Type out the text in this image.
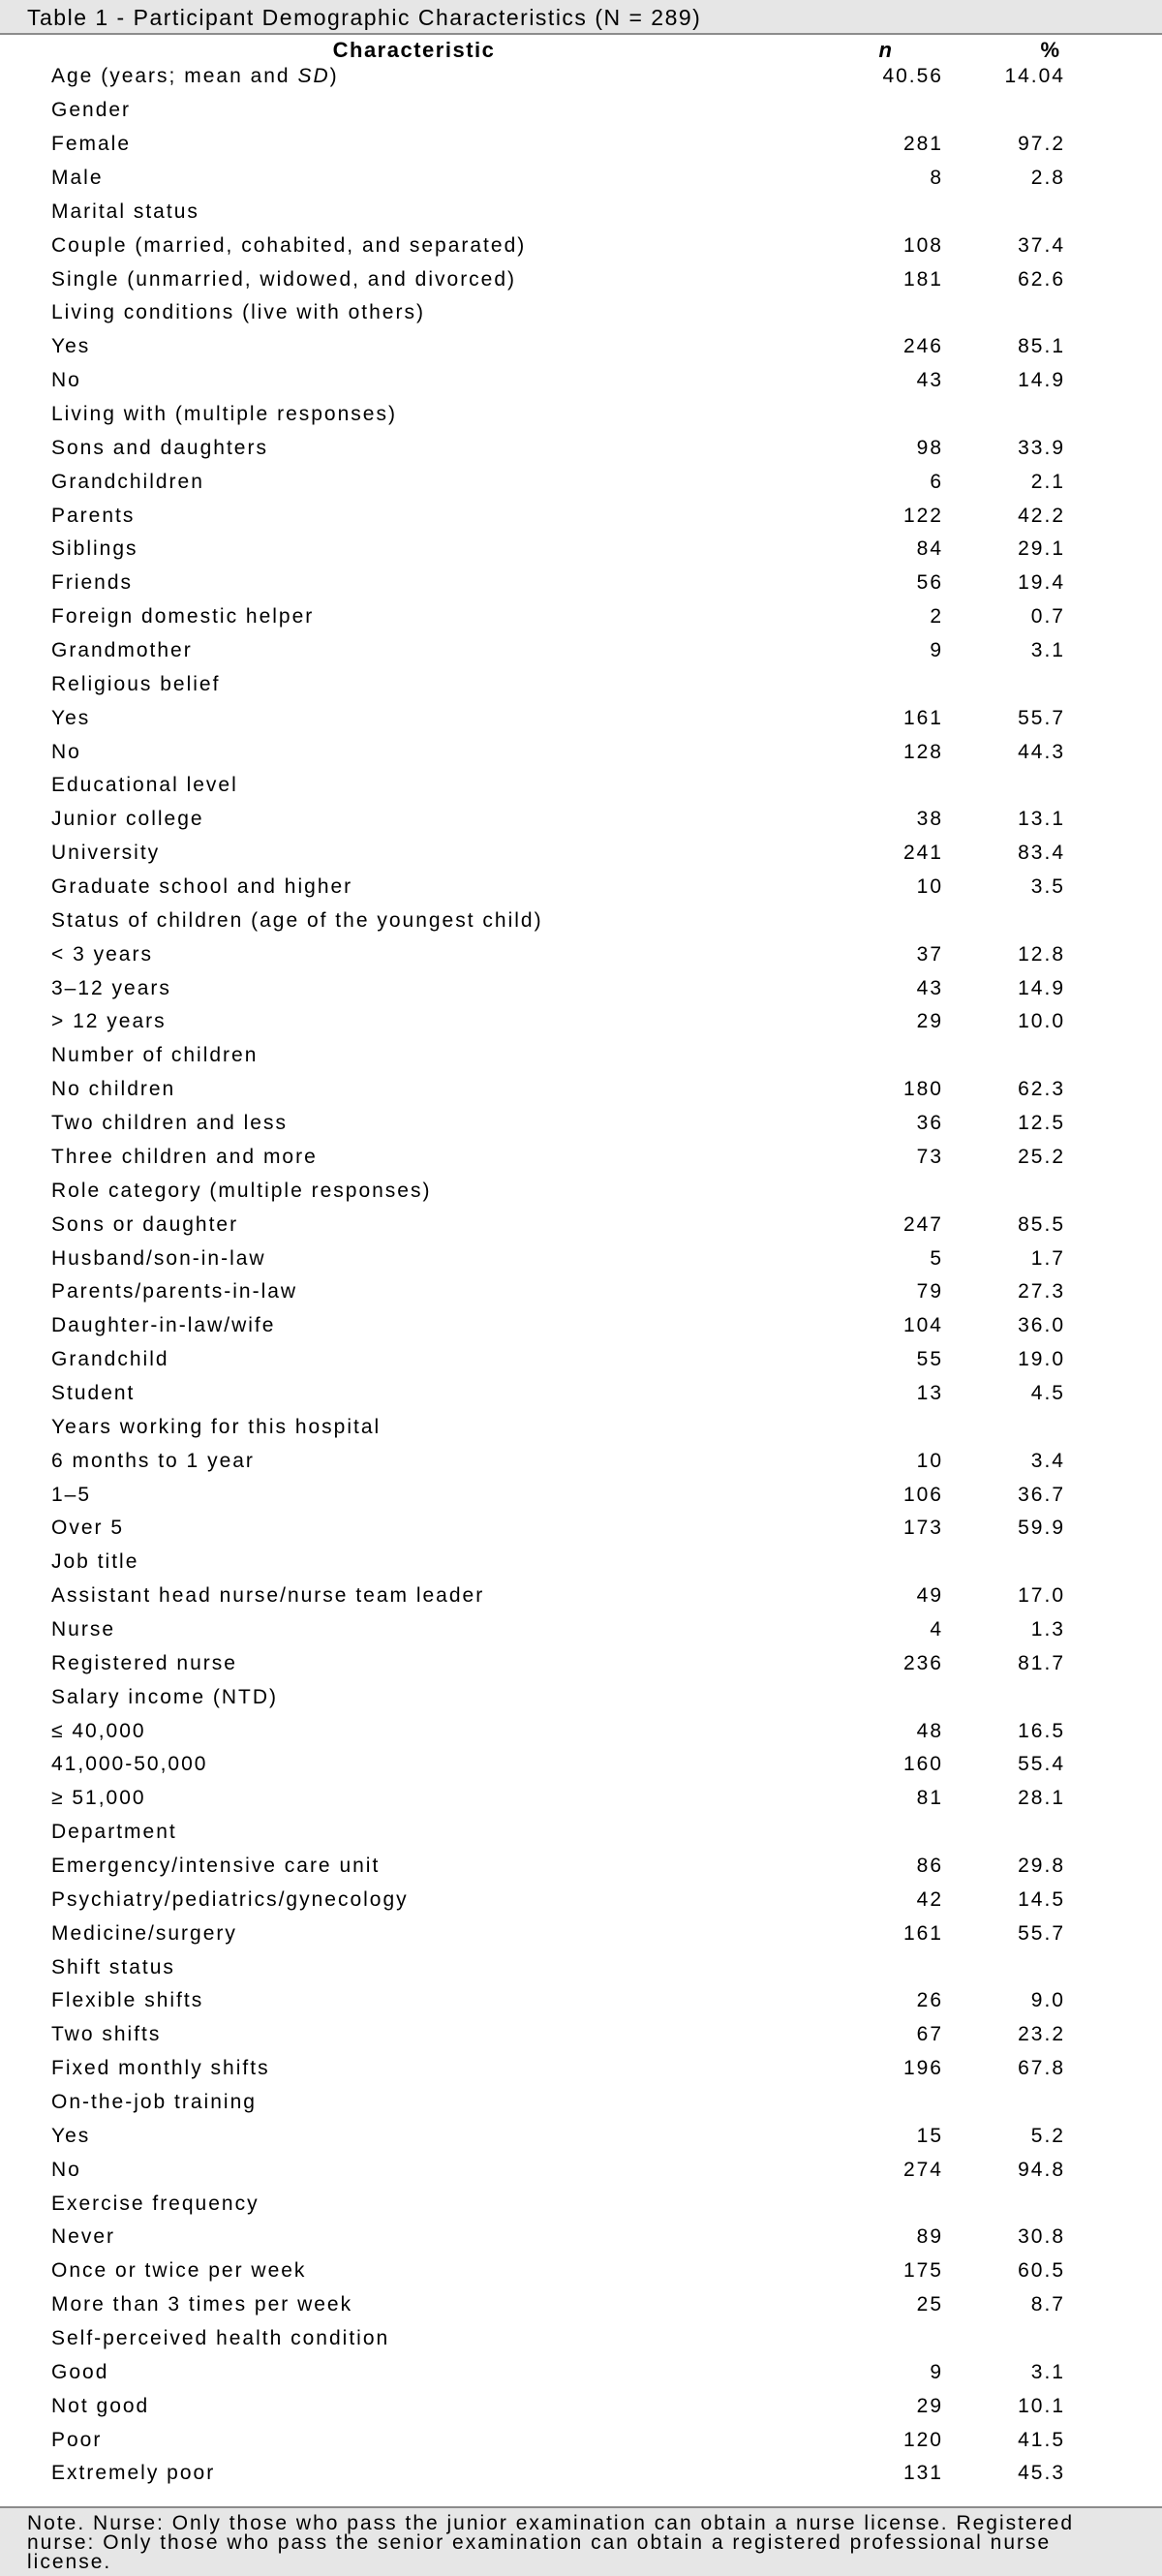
Table 1 - Participant Demographic Characteristics (N = 289)
Characteristic	n	%
Age (years; mean and SD)	40.56	14.04
Gender
Female	281	97.2
Male	8	2.8
Marital status
Couple (married, cohabited, and separated)	108	37.4
Single (unmarried, widowed, and divorced)	181	62.6
Living conditions (live with others)
Yes	246	85.1
No	43	14.9
Living with (multiple responses)
Sons and daughters	98	33.9
Grandchildren	6	2.1
Parents	122	42.2
Siblings	84	29.1
Friends	56	19.4
Foreign domestic helper	2	0.7
Grandmother	9	3.1
Religious belief
Yes	161	55.7
No	128	44.3
Educational level
Junior college	38	13.1
University	241	83.4
Graduate school and higher	10	3.5
Status of children (age of the youngest child)
< 3 years	37	12.8
3–12 years	43	14.9
> 12 years	29	10.0
Number of children
No children	180	62.3
Two children and less	36	12.5
Three children and more	73	25.2
Role category (multiple responses)
Sons or daughter	247	85.5
Husband/son-in-law	5	1.7
Parents/parents-in-law	79	27.3
Daughter-in-law/wife	104	36.0
Grandchild	55	19.0
Student	13	4.5
Years working for this hospital
6 months to 1 year	10	3.4
1–5	106	36.7
Over 5	173	59.9
Job title
Assistant head nurse/nurse team leader	49	17.0
Nurse	4	1.3
Registered nurse	236	81.7
Salary income (NTD)
≤ 40,000	48	16.5
41,000-50,000	160	55.4
≥ 51,000	81	28.1
Department
Emergency/intensive care unit	86	29.8
Psychiatry/pediatrics/gynecology	42	14.5
Medicine/surgery	161	55.7
Shift status
Flexible shifts	26	9.0
Two shifts	67	23.2
Fixed monthly shifts	196	67.8
On-the-job training
Yes	15	5.2
No	274	94.8
Exercise frequency
Never	89	30.8
Once or twice per week	175	60.5
More than 3 times per week	25	8.7
Self-perceived health condition
Good	9	3.1
Not good	29	10.1
Poor	120	41.5
Extremely poor	131	45.3
Note. Nurse: Only those who pass the junior examination can obtain a nurse license. Registered nurse: Only those who pass the senior examination can obtain a registered professional nurse license.
